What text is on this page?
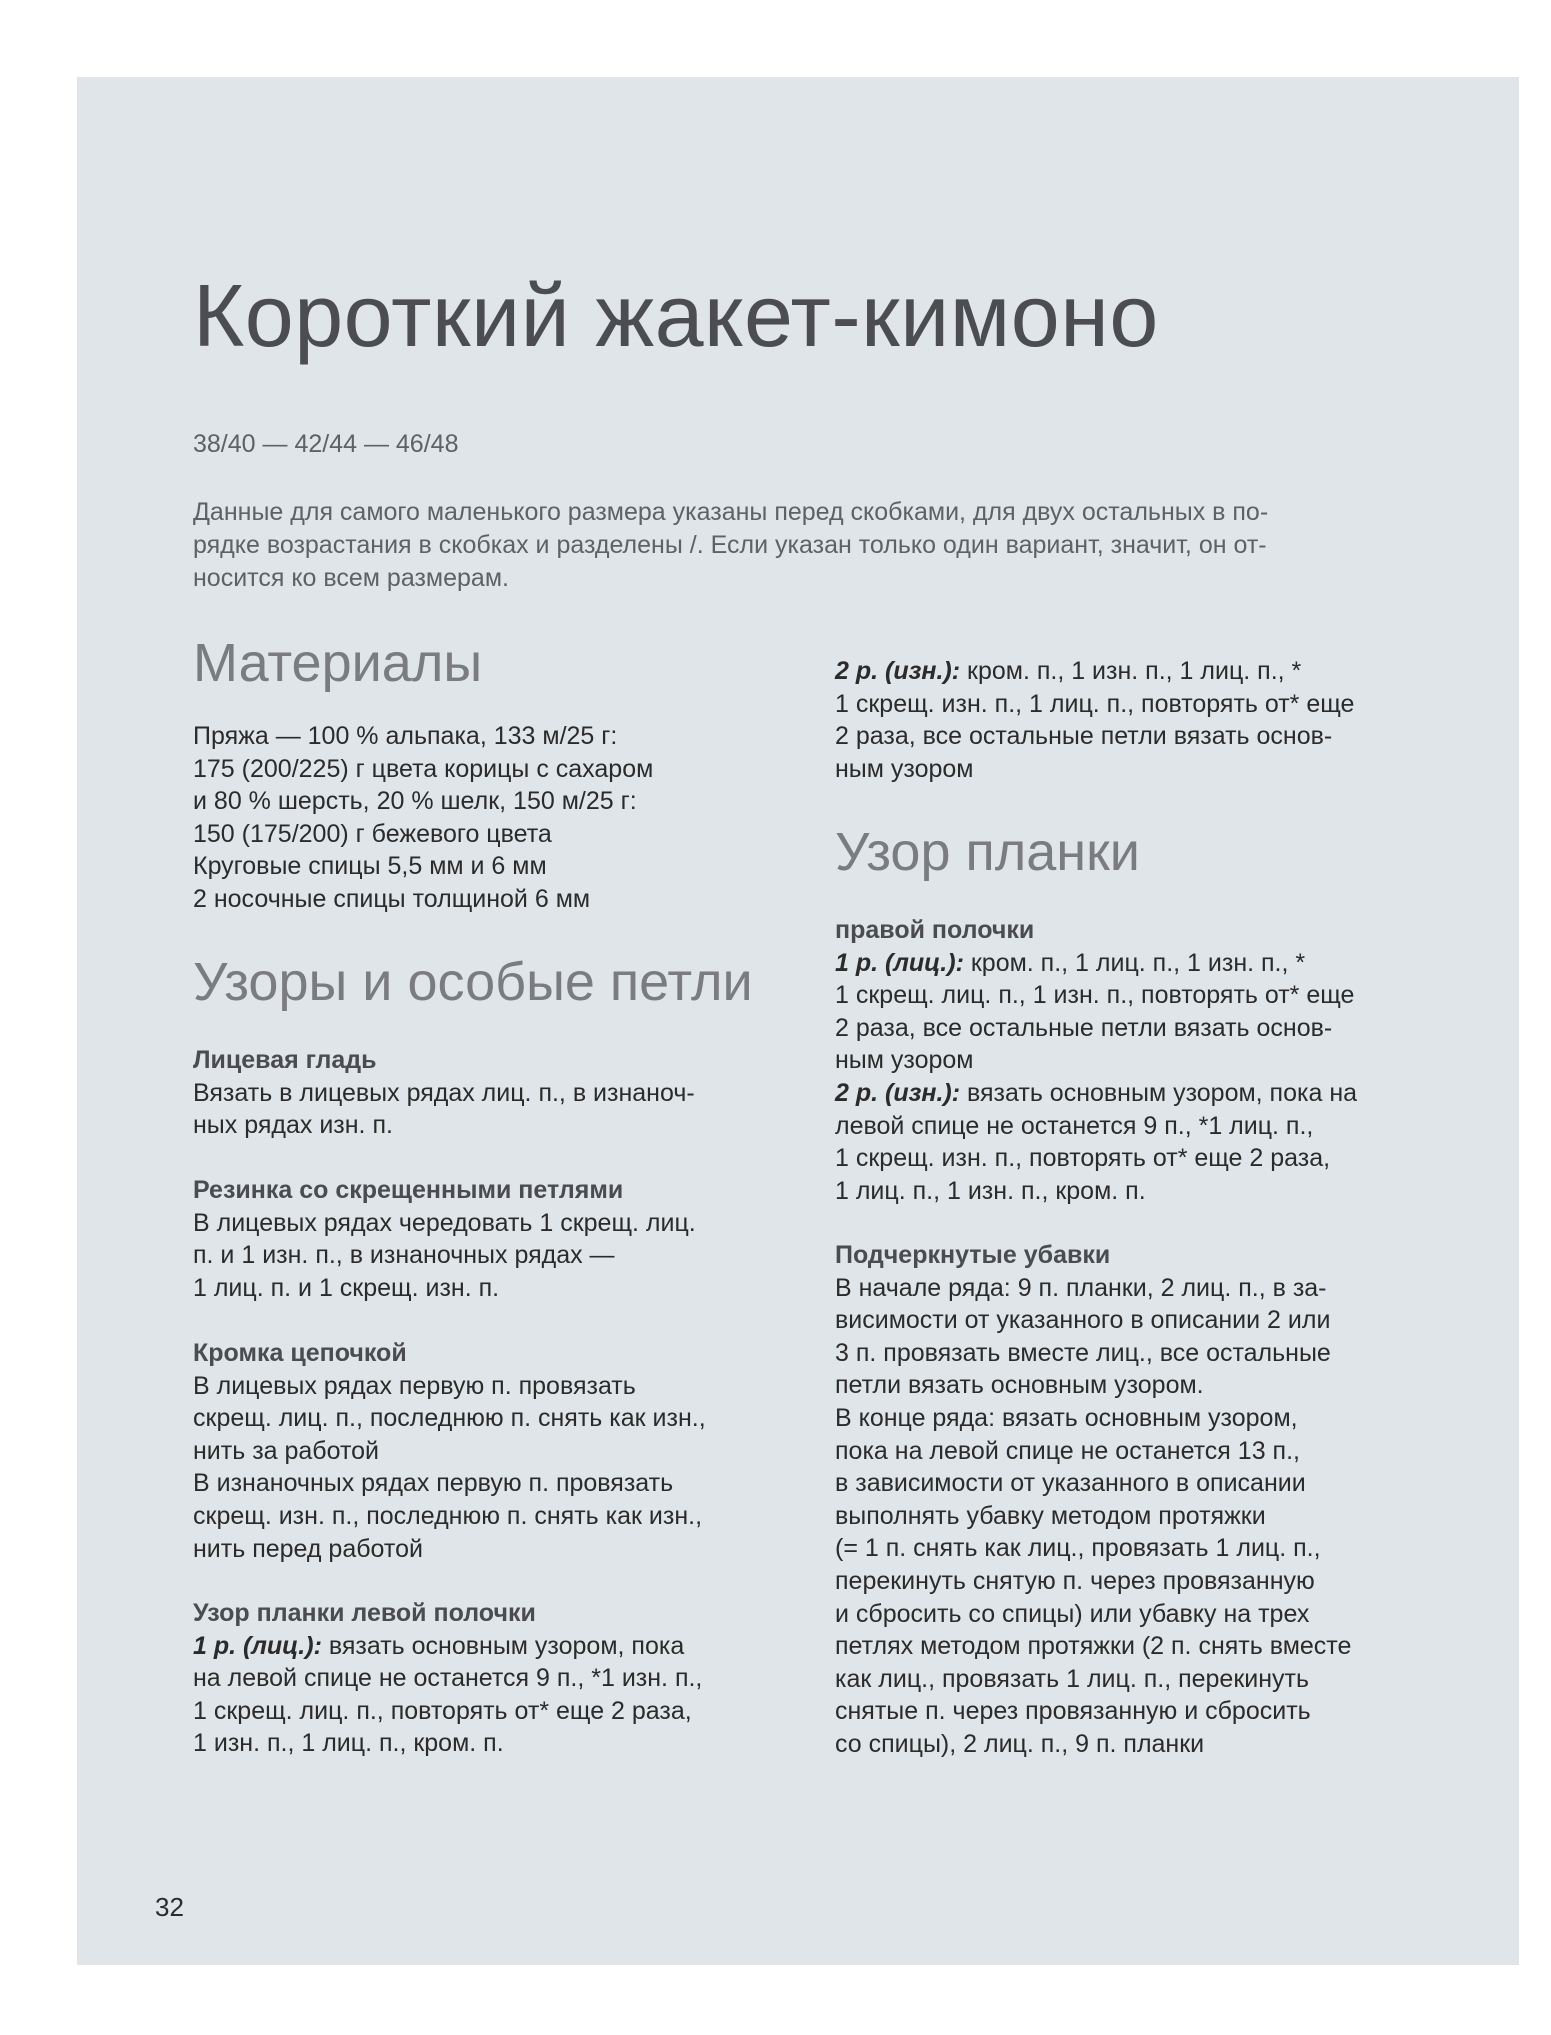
Короткий жакет-кимоно
38/40 — 42/44 — 46/48
Данные для самого маленького размера указаны перед скобками, для двух остальных в по-
рядке возрастания в скобках и разделены /. Если указан только один вариант, значит, он от-
носится ко всем размерам.
Материалы
Пряжа — 100 % альпака, 133 м/25 г:
175 (200/225) г цвета корицы с сахаром
и 80 % шерсть, 20 % шелк, 150 м/25 г:
150 (175/200) г бежевого цвета
Круговые спицы 5,5 мм и 6 мм
2 носочные спицы толщиной 6 мм
Узоры и особые петли
Лицевая гладь
Вязать в лицевых рядах лиц. п., в изнаноч-
ных рядах изн. п.
Резинка со скрещенными петлями
В лицевых рядах чередовать 1 скрещ. лиц.
п. и 1 изн. п., в изнаночных рядах —
1 лиц. п. и 1 скрещ. изн. п.
Кромка цепочкой
В лицевых рядах первую п. провязать
скрещ. лиц. п., последнюю п. снять как изн.,
нить за работой
В изнаночных рядах первую п. провязать
скрещ. изн. п., последнюю п. снять как изн.,
нить перед работой
Узор планки левой полочки
1 р. (лиц.): вязать основным узором, пока
на левой спице не останется 9 п., *1 изн. п.,
1 скрещ. лиц. п., повторять от* еще 2 раза,
1 изн. п., 1 лиц. п., кром. п.
2 р. (изн.): кром. п., 1 изн. п., 1 лиц. п., *
1 скрещ. изн. п., 1 лиц. п., повторять от* еще
2 раза, все остальные петли вязать основ-
ным узором
Узор планки
правой полочки
1 р. (лиц.): кром. п., 1 лиц. п., 1 изн. п., *
1 скрещ. лиц. п., 1 изн. п., повторять от* еще
2 раза, все остальные петли вязать основ-
ным узором
2 р. (изн.): вязать основным узором, пока на
левой спице не останется 9 п., *1 лиц. п.,
1 скрещ. изн. п., повторять от* еще 2 раза,
1 лиц. п., 1 изн. п., кром. п.
Подчеркнутые убавки
В начале ряда: 9 п. планки, 2 лиц. п., в за-
висимости от указанного в описании 2 или
3 п. провязать вместе лиц., все остальные
петли вязать основным узором.
В конце ряда: вязать основным узором,
пока на левой спице не останется 13 п.,
в зависимости от указанного в описании
выполнять убавку методом протяжки
(= 1 п. снять как лиц., провязать 1 лиц. п.,
перекинуть снятую п. через провязанную
и сбросить со спицы) или убавку на трех
петлях методом протяжки (2 п. снять вместе
как лиц., провязать 1 лиц. п., перекинуть
снятые п. через провязанную и сбросить
со спицы), 2 лиц. п., 9 п. планки
32
